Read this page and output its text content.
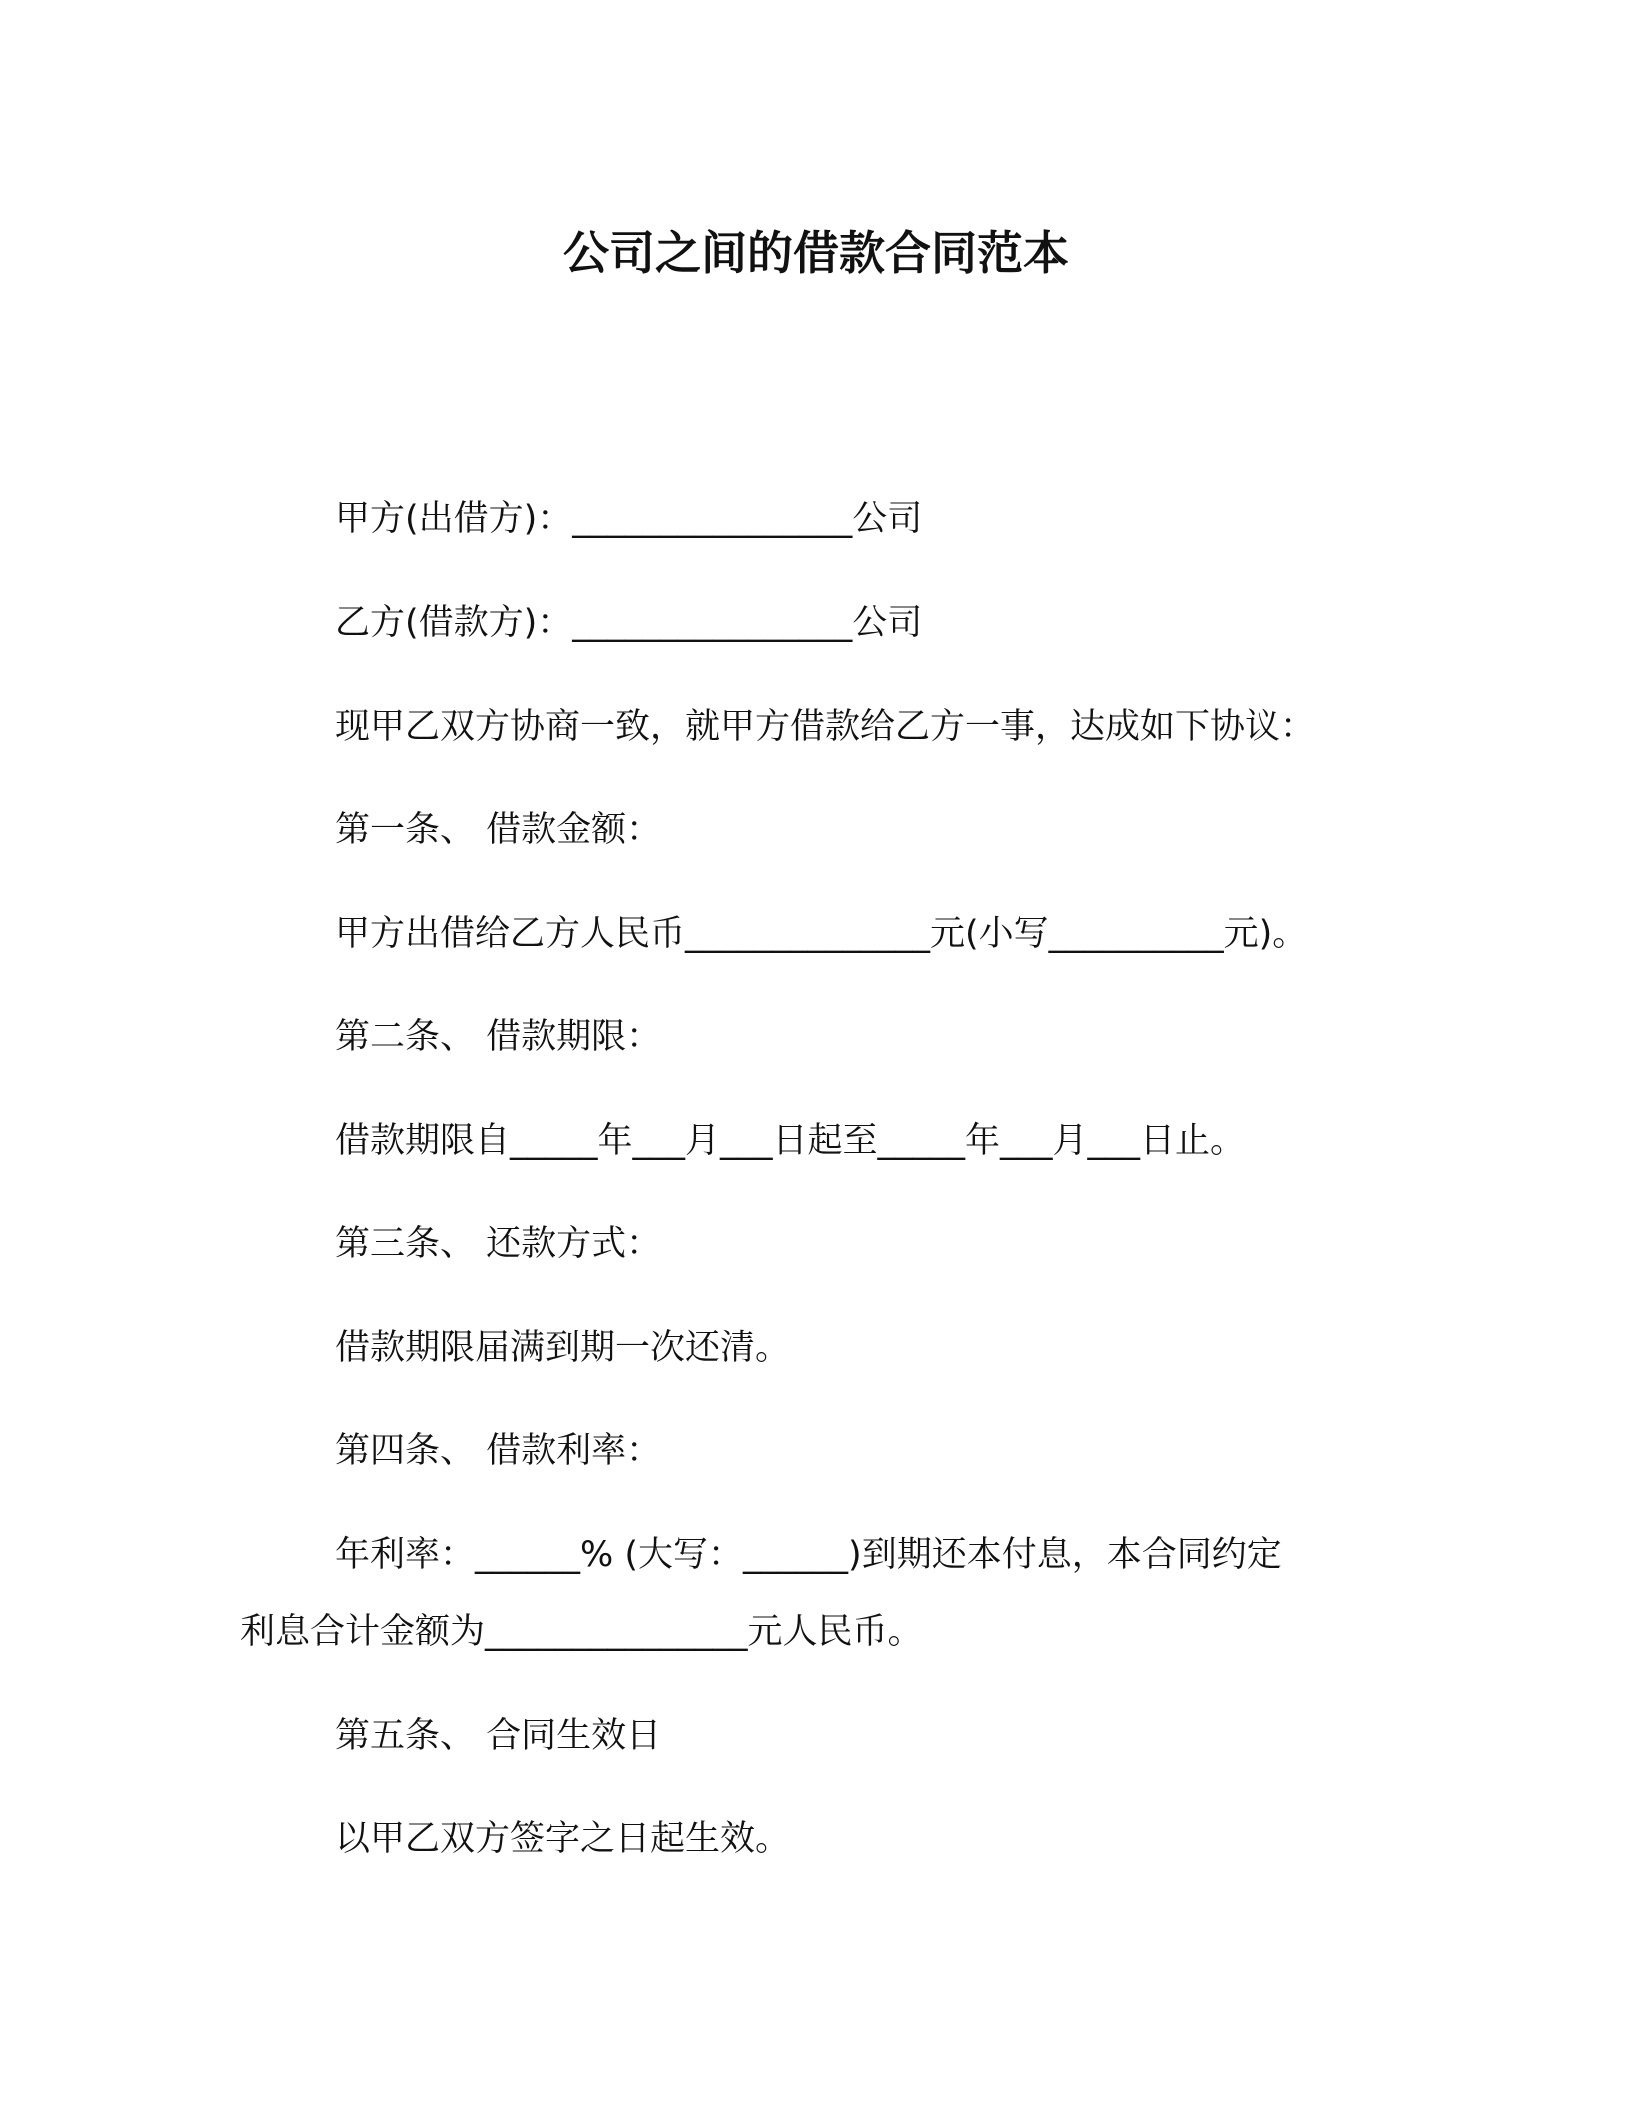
公司之间的借款合同范本
甲方(出借方)：________________公司
乙方(借款方)：________________公司
现甲乙双方协商一致，就甲方借款给乙方一事，达成如下协议：
第一条、 借款金额：
甲方出借给乙方人民币______________元(小写__________元)。
第二条、 借款期限：
借款期限自_____年___月___日起至_____年___月___日止。
第三条、 还款方式：
借款期限届满到期一次还清。
第四条、 借款利率：
年利率：______% (大写：______)到期还本付息，本合同约定
利息合计金额为_______________元人民币。
第五条、 合同生效日
以甲乙双方签字之日起生效。
